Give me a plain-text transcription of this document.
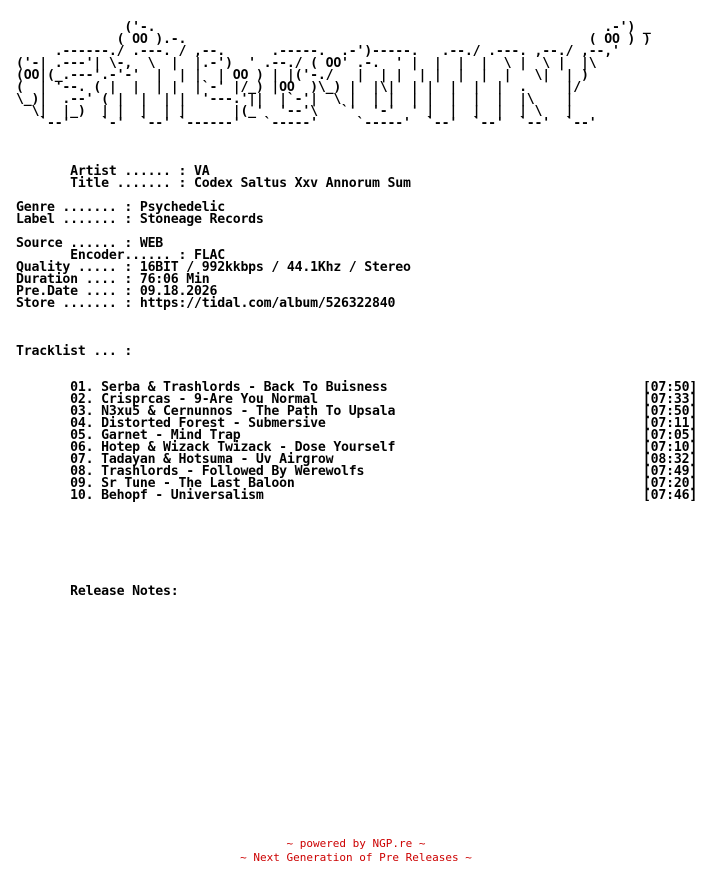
('-.                                                          .-') _
( OO ).-.                                                    ( OO ) )
.------./ .---. / ,--.      .-----.  .-')-----.   .--./ .---. ,--./ ,--,'
('-| .---'| \-,  \  |  |.-')  ' .--./ ( OO' .-.  ' |  |  |  |  \ |  \ |  |\
(OO|(_.---'.-'-'  |  | |  | OO ) | |('-./   |  | |  | |  |  |  |   \|  | )
(  | '--. ( |  |  | |  |`-' |/_) |OO  )\_) |  |\|  | |  |  |  |  .     |/
\_)|  .--' ( |  |  | |  '---.'||  |`-'|  \ |  | |  | |  |  |  |  |\    |
\|  |_)  | |  |  | |      |(_'  '--'\   `'  '-'  ' |  |  |  |  | \   |
`--'    `-'  `--' `------'   `-----'     `-----'  `--'  `--'  `--'  `--'

Artist ...... : VA
Title ....... : Codex Saltus Xxv Annorum Sum

Genre ....... : Psychedelic
Label ....... : Stoneage Records

Source ...... : WEB
Encoder...... : FLAC
Quality ..... : 16BIT / 992kkbps / 44.1Khz / Stereo
Duration .... : 76:06 Min
Pre.Date .... : 09.18.2026
Store ....... : https://tidal.com/album/526322840

Tracklist ... :

01. Serba & Trashlords - Back To Buisness                                 [07:50]
02. Crisprcas - 9-Are You Normal                                          [07:33]
03. N3xu5 & Cernunnos - The Path To Upsala                                [07:50]
04. Distorted Forest - Submersive                                         [07:11]
05. Garnet - Mind Trap                                                    [07:05]
06. Hotep & Wizack Twizack - Dose Yourself                                [07:10]
07. Tadayan & Hotsuma - Uv Airgrow                                        [08:32]
08. Trashlords - Followed By Werewolfs                                    [07:49]
09. Sr Tune - The Last Baloon                                             [07:20]
10. Behopf - Universalism                                                 [07:46]

Release Notes:
~ powered by NGP.re ~
~ Next Generation of Pre Releases ~
